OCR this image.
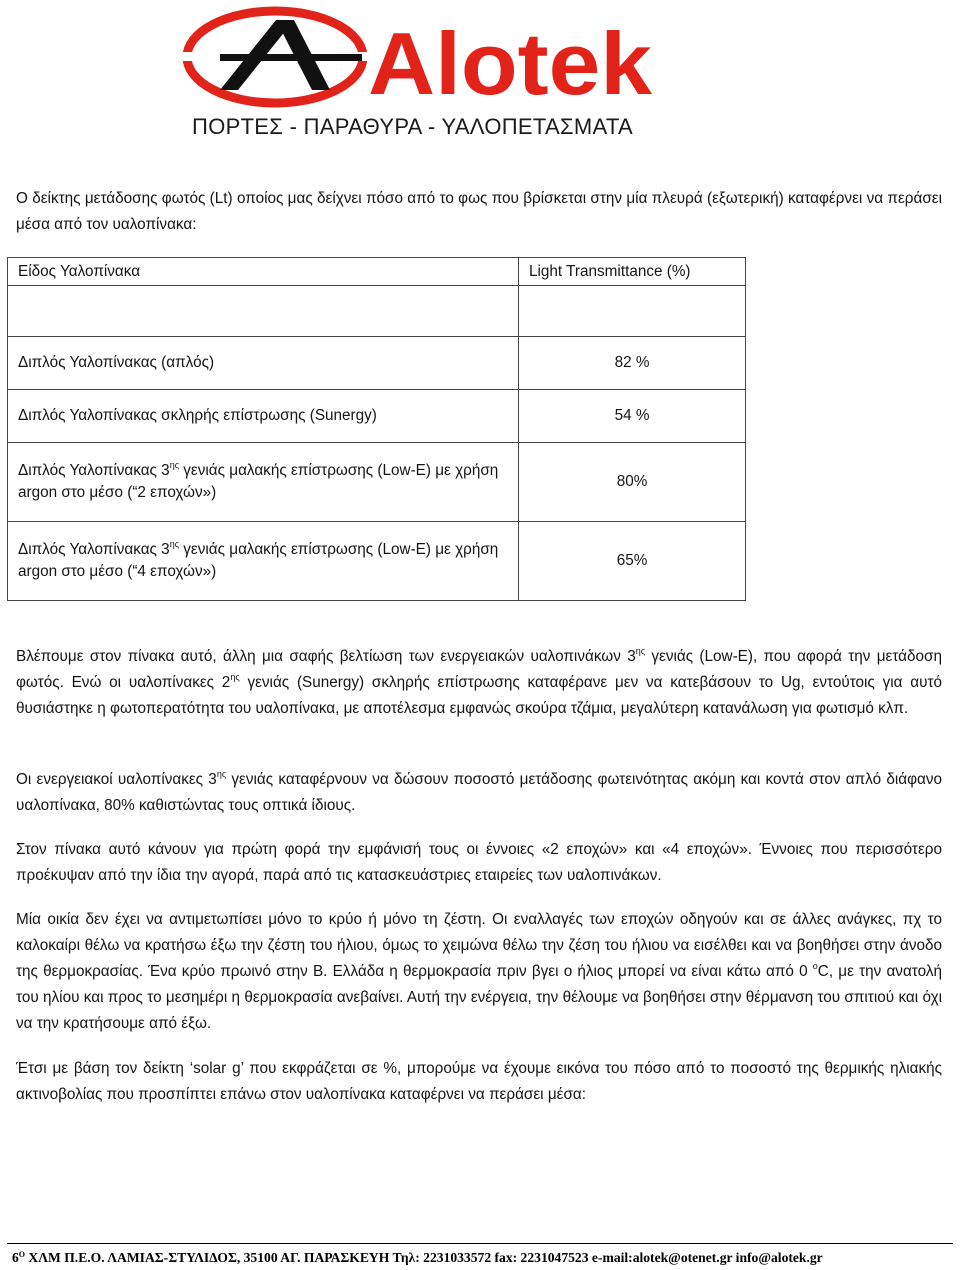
Alotek
ΠΟΡΤΕΣ - ΠΑΡΑΘΥΡΑ - ΥΑΛΟΠΕΤΑΣΜΑΤΑ
Ο δείκτης μετάδοσης φωτός (Lt) οποίος μας δείχνει πόσο από το φως που βρίσκεται στην μία πλευρά (εξωτερική) καταφέρνει να περάσει μέσα από τον υαλοπίνακα:
Είδος Υαλοπίνακα	Light Transmittance (%)

Διπλός Υαλοπίνακας (απλός)	82 %
Διπλός Υαλοπίνακας σκληρής επίστρωσης (Sunergy)	54 %
Διπλός Υαλοπίνακας $3^{\eta\varsigma}$ γενιάς μαλακής επίστρωσης (Low-E) με χρήση argon στο μέσο (“2 εποχών»)	80%
Διπλός Υαλοπίνακας $3^{\eta\varsigma}$ γενιάς μαλακής επίστρωσης (Low-E) με χρήση argon στο μέσο (“4 εποχών»)	65%
Βλέπουμε στον πίνακα αυτό, άλλη μια σαφής βελτίωση των ενεργειακών υαλοπινάκων $3^{\eta\varsigma}$ γενιάς (Low-E), που αφορά την μετάδοση φωτός. Ενώ οι υαλοπίνακες $2^{\eta\varsigma}$ γενιάς (Sunergy) σκληρής επίστρωσης καταφέρανε μεν να κατεβάσουν το Ug, εντούτοις για αυτό θυσιάστηκε η φωτοπερατότητα του υαλοπίνακα, με αποτέλεσμα εμφανώς σκούρα τζάμια, μεγαλύτερη κατανάλωση για φωτισμό κλπ.
Οι ενεργειακοί υαλοπίνακες $3^{\eta\varsigma}$ γενιάς καταφέρνουν να δώσουν ποσοστό μετάδοσης φωτεινότητας ακόμη και κοντά στον απλό διάφανο υαλοπίνακα, 80% καθιστώντας τους οπτικά ίδιους.
Στον πίνακα αυτό κάνουν για πρώτη φορά την εμφάνισή τους οι έννοιες «2 εποχών» και «4 εποχών». Έννοιες που περισσότερο προέκυψαν από την ίδια την αγορά, παρά από τις κατασκευάστριες εταιρείες των υαλοπινάκων.
Μία οικία δεν έχει να αντιμετωπίσει μόνο το κρύο ή μόνο τη ζέστη. Οι εναλλαγές των εποχών οδηγούν και σε άλλες ανάγκες, πχ το καλοκαίρι θέλω να κρατήσω έξω την ζέστη του ήλιου, όμως το χειμώνα θέλω την ζέση του ήλιου να εισέλθει και να βοηθήσει στην άνοδο της θερμοκρασίας. Ένα κρύο πρωινό στην Β. Ελλάδα η θερμοκρασία πριν βγει ο ήλιος μπορεί να είναι κάτω από 0 $^o$C, με την ανατολή του ηλίου και προς το μεσημέρι η θερμοκρασία ανεβαίνει. Αυτή την ενέργεια, την θέλουμε να βοηθήσει στην θέρμανση του σπιτιού και όχι να την κρατήσουμε από έξω.
Έτσι με βάση τον δείκτη ‘solar g’ που εκφράζεται σε %, μπορούμε να έχουμε εικόνα του πόσο από το ποσοστό της θερμικής ηλιακής ακτινοβολίας που προσπίπτει επάνω στον υαλοπίνακα καταφέρνει να περάσει μέσα:
$6^O$ ΧΛΜ Π.Ε.Ο. ΛΑΜΙΑΣ-ΣΤΥΛΙΔΟΣ, 35100 ΑΓ. ΠΑΡΑΣΚΕΥΗ Τηλ: 2231033572 fax: 2231047523 e-mail:alotek@otenet.gr info@alotek.gr
